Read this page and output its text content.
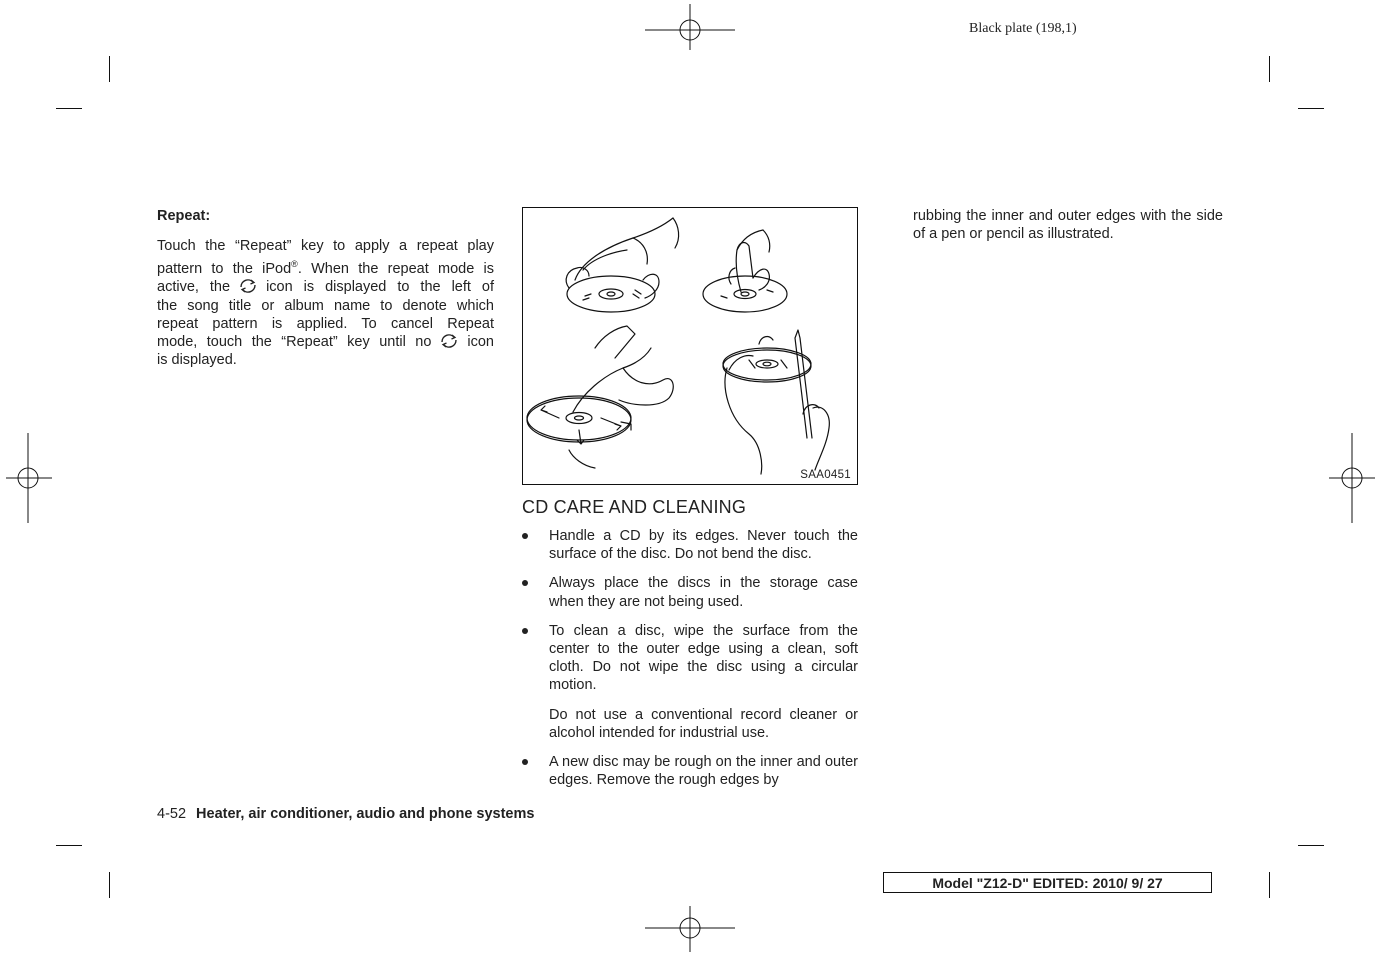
Black plate (198,1)
Repeat:
Touch the “Repeat” key to apply a repeat play
pattern to the iPod®. When the repeat mode is
active, the icon is displayed to the left of
the song title or album name to denote which
repeat pattern is applied. To cancel Repeat
mode, touch the “Repeat” key until no icon
is displayed.
SAA0451
CD CARE AND CLEANING
Handle a CD by its edges. Never touch the surface of the disc. Do not bend the disc.
Always place the discs in the storage case when they are not being used.
To clean a disc, wipe the surface from the center to the outer edge using a clean, soft cloth. Do not wipe the disc using a circular motion.
Do not use a conventional record cleaner or alcohol intended for industrial use.
A new disc may be rough on the inner and outer edges. Remove the rough edges by
rubbing the inner and outer edges with the side of a pen or pencil as illustrated.
4-52 Heater, air conditioner, audio and phone systems
Model "Z12-D" EDITED: 2010/ 9/ 27
